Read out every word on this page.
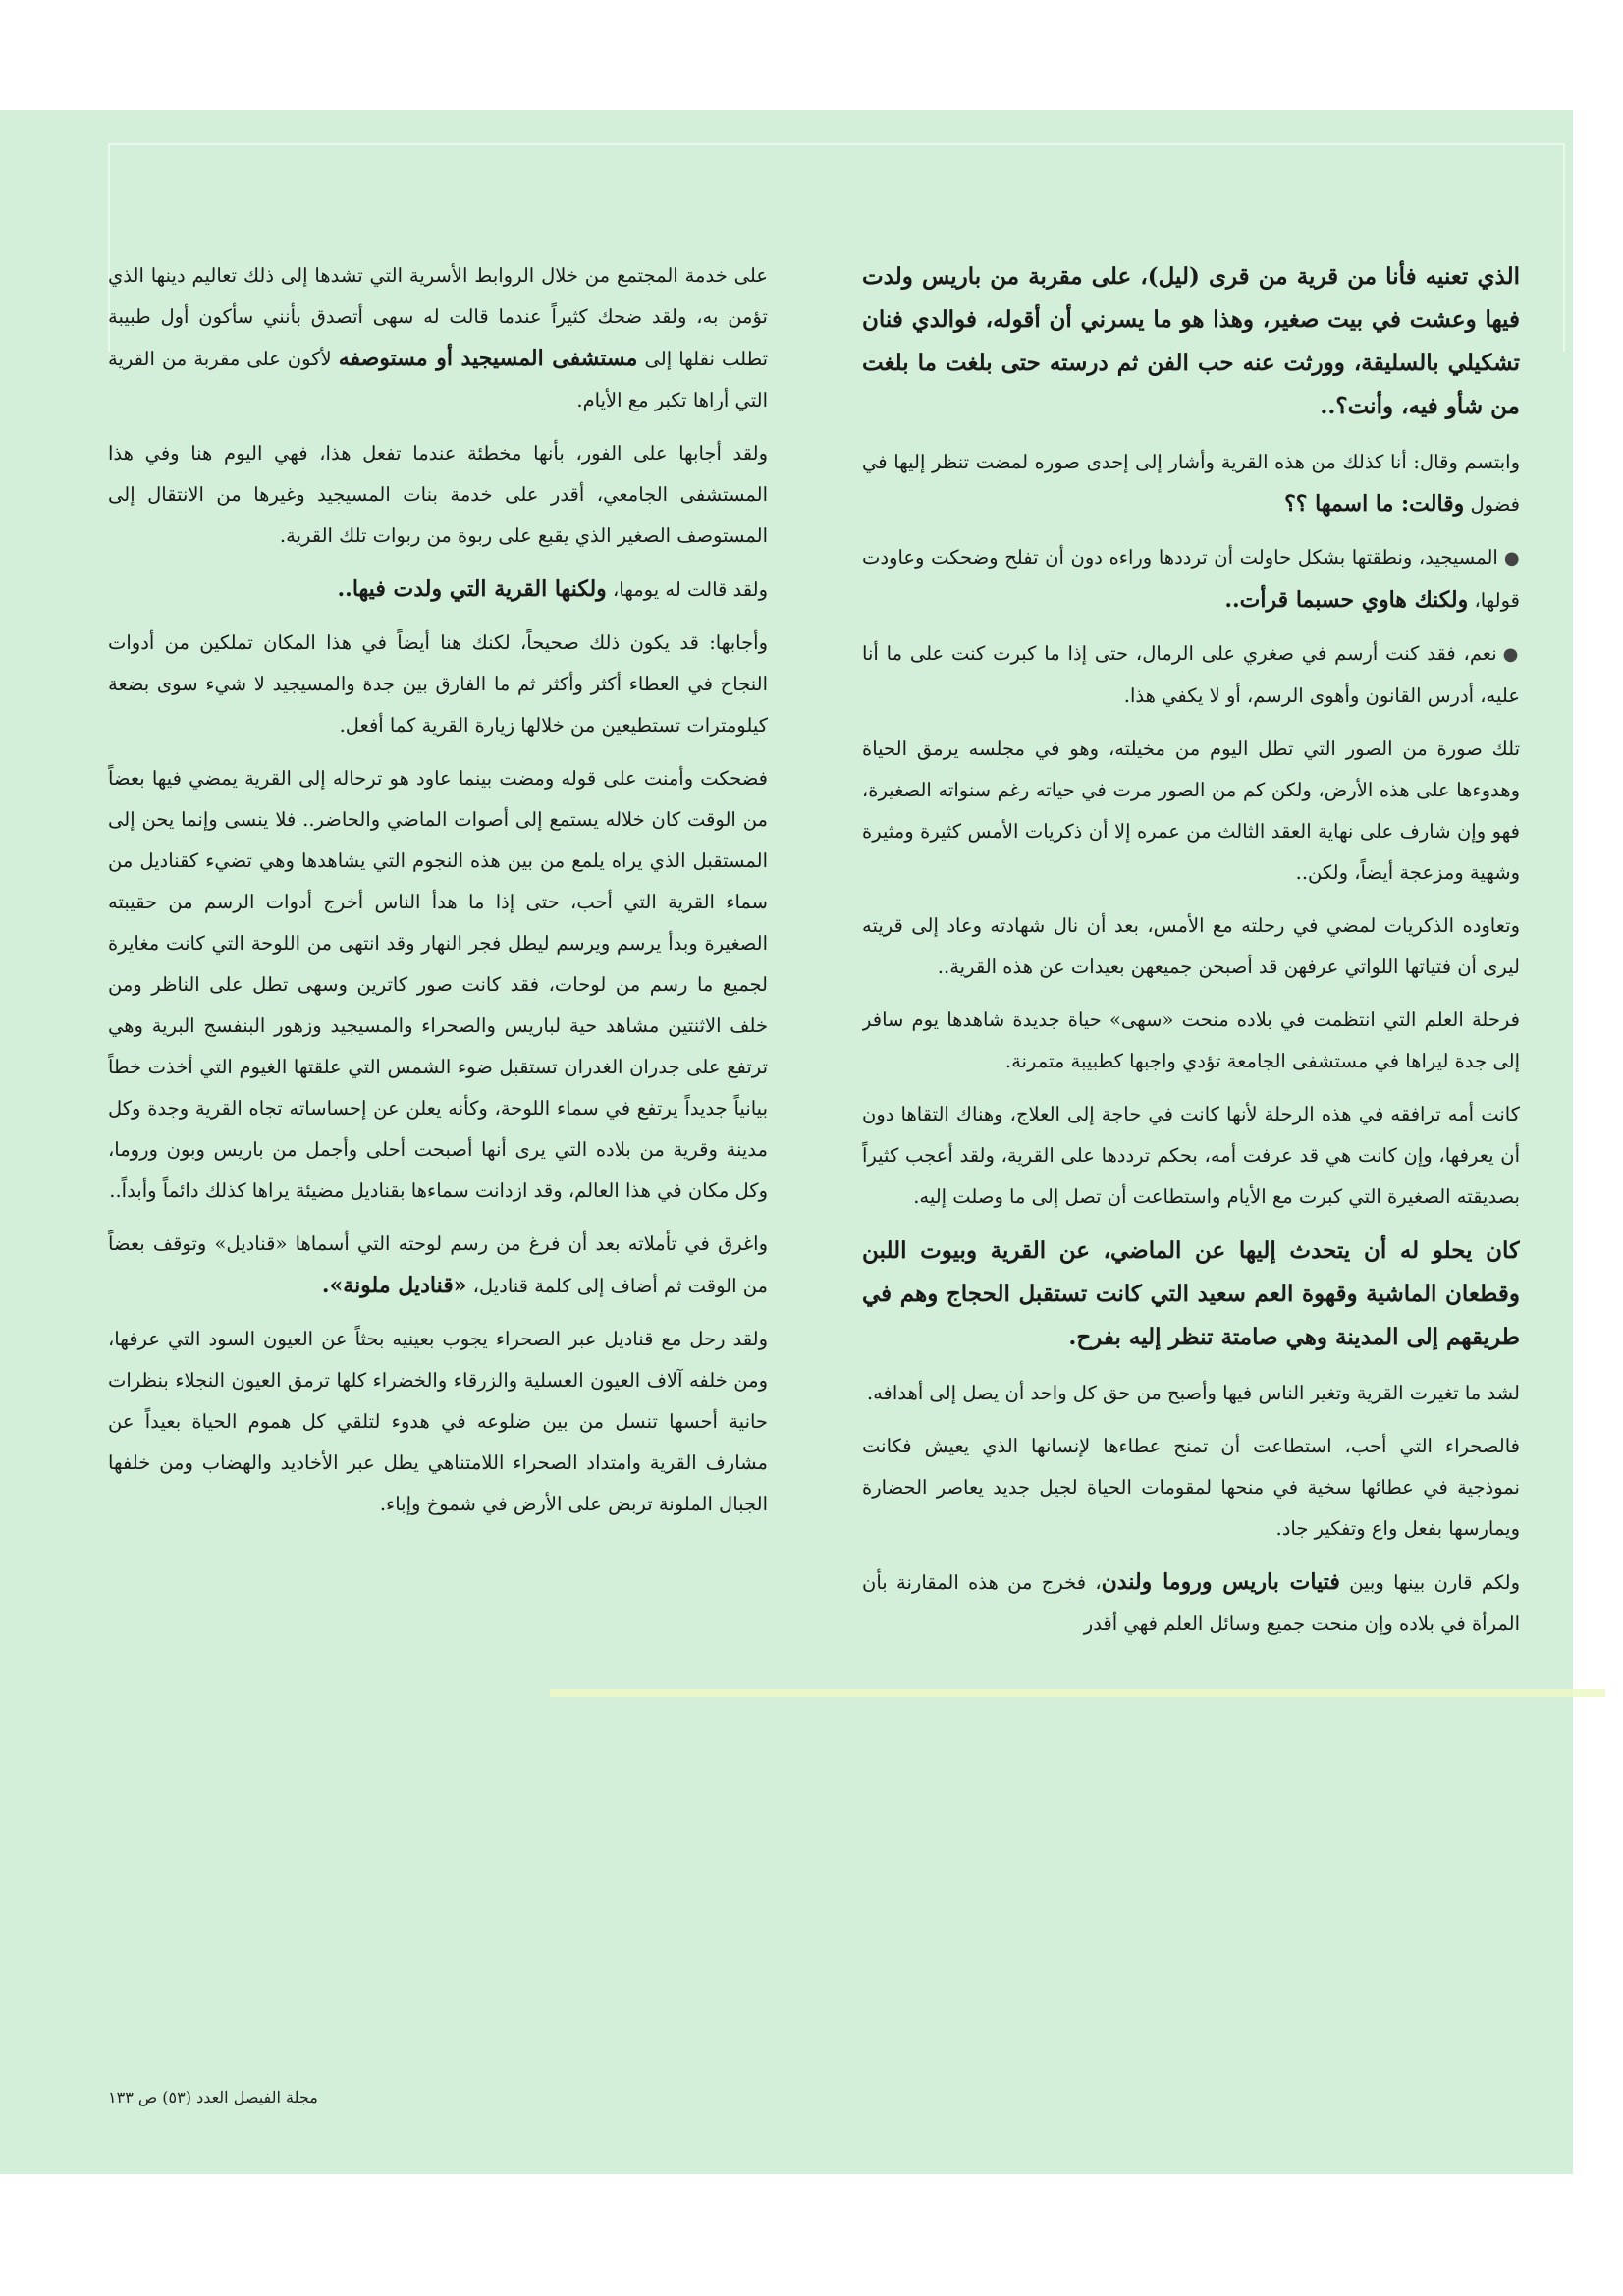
الذي تعنيه فأنا من قرية من قرى (ليل)، على مقربة من باريس ولدت فيها وعشت في بيت صغير، وهذا هو ما يسرني أن أقوله، فوالدي فنان تشكيلي بالسليقة، وورثت عنه حب الفن ثم درسته حتى بلغت ما بلغت من شأو فيه، وأنت؟..

وابتسم وقال: أنا كذلك من هذه القرية وأشار إلى إحدى صوره لمضت تنظر إليها في فضول وقالت: ما اسمها ؟؟

● المسيجيد، ونطقتها بشكل حاولت أن ترددها وراءه دون أن تفلح وضحكت وعاودت قولها، ولكنك هاوي حسبما قرأت..

● نعم، فقد كنت أرسم في صغري على الرمال، حتى إذا ما كبرت كنت على ما أنا عليه، أدرس القانون وأهوى الرسم، أو لا يكفي هذا.

تلك صورة من الصور التي تطل اليوم من مخيلته، وهو في مجلسه يرمق الحياة وهدوءها على هذه الأرض، ولكن كم من الصور مرت في حياته رغم سنواته الصغيرة، فهو وإن شارف على نهاية العقد الثالث من عمره إلا أن ذكريات الأمس كثيرة ومثيرة وشهية ومزعجة أيضاً، ولكن..

وتعاوده الذكريات لمضي في رحلته مع الأمس، بعد أن نال شهادته وعاد إلى قريته ليرى أن فتياتها اللواتي عرفهن قد أصبحن جميعهن بعيدات عن هذه القرية..

فرحلة العلم التي انتظمت في بلاده منحت «سهى» حياة جديدة شاهدها يوم سافر إلى جدة ليراها في مستشفى الجامعة تؤدي واجبها كطبيبة متمرنة.

كانت أمه ترافقه في هذه الرحلة لأنها كانت في حاجة إلى العلاج، وهناك التقاها دون أن يعرفها، وإن كانت هي قد عرفت أمه، بحكم ترددها على القرية، ولقد أعجب كثيراً بصديقته الصغيرة التي كبرت مع الأيام واستطاعت أن تصل إلى ما وصلت إليه.

كان يحلو له أن يتحدث إليها عن الماضي، عن القرية وبيوت اللبن وقطعان الماشية وقهوة العم سعيد التي كانت تستقبل الحجاج وهم في طريقهم إلى المدينة وهي صامتة تنظر إليه بفرح.

لشد ما تغيرت القرية وتغير الناس فيها وأصبح من حق كل واحد أن يصل إلى أهدافه.

فالصحراء التي أحب، استطاعت أن تمنح عطاءها لإنسانها الذي يعيش فكانت نموذجية في عطائها سخية في منحها لمقومات الحياة لجيل جديد يعاصر الحضارة ويمارسها بفعل واع وتفكير جاد.

ولكم قارن بينها وبين فتيات باريس وروما ولندن، فخرج من هذه المقارنة بأن المرأة في بلاده وإن منحت جميع وسائل العلم فهي أقدر

على خدمة المجتمع من خلال الروابط الأسرية التي تشدها إلى ذلك تعاليم دينها الذي تؤمن به، ولقد ضحك كثيراً عندما قالت له سهى أتصدق بأنني سأكون أول طبيبة تطلب نقلها إلى مستشفى المسيجيد أو مستوصفه لأكون على مقربة من القرية التي أراها تكبر مع الأيام.

ولقد أجابها على الفور، بأنها مخطئة عندما تفعل هذا، فهي اليوم هنا وفي هذا المستشفى الجامعي، أقدر على خدمة بنات المسيجيد وغيرها من الانتقال إلى المستوصف الصغير الذي يقبع على ربوة من ربوات تلك القرية.

ولقد قالت له يومها، ولكنها القرية التي ولدت فيها..

وأجابها: قد يكون ذلك صحيحاً، لكنك هنا أيضاً في هذا المكان تملكين من أدوات النجاح في العطاء أكثر وأكثر ثم ما الفارق بين جدة والمسيجيد لا شيء سوى بضعة كيلومترات تستطيعين من خلالها زيارة القرية كما أفعل.

فضحكت وأمنت على قوله ومضت بينما عاود هو ترحاله إلى القرية يمضي فيها بعضاً من الوقت كان خلاله يستمع إلى أصوات الماضي والحاضر.. فلا ينسى وإنما يحن إلى المستقبل الذي يراه يلمع من بين هذه النجوم التي يشاهدها وهي تضيء كقناديل من سماء القرية التي أحب، حتى إذا ما هدأ الناس أخرج أدوات الرسم من حقيبته الصغيرة وبدأ يرسم ويرسم ليطل فجر النهار وقد انتهى من اللوحة التي كانت مغايرة لجميع ما رسم من لوحات، فقد كانت صور كاترين وسهى تطل على الناظر ومن خلف الاثنتين مشاهد حية لباريس والصحراء والمسيجيد وزهور البنفسج البرية وهي ترتفع على جدران الغدران تستقبل ضوء الشمس التي علقتها الغيوم التي أخذت خطاً بيانياً جديداً يرتفع في سماء اللوحة، وكأنه يعلن عن إحساساته تجاه القرية وجدة وكل مدينة وقرية من بلاده التي يرى أنها أصبحت أحلى وأجمل من باريس وبون وروما، وكل مكان في هذا العالم، وقد ازدانت سماءها بقناديل مضيئة يراها كذلك دائماً وأبداً..

واغرق في تأملاته بعد أن فرغ من رسم لوحته التي أسماها «قناديل» وتوقف بعضاً من الوقت ثم أضاف إلى كلمة قناديل، «قناديل ملونة».

ولقد رحل مع قناديل عبر الصحراء يجوب بعينيه بحثاً عن العيون السود التي عرفها، ومن خلفه آلاف العيون العسلية والزرقاء والخضراء كلها ترمق العيون النجلاء بنظرات حانية أحسها تنسل من بين ضلوعه في هدوء لتلقي كل هموم الحياة بعيداً عن مشارف القرية وامتداد الصحراء اللامتناهي يطل عبر الأخاديد والهضاب ومن خلفها الجبال الملونة تربض على الأرض في شموخ وإباء.

مجلة الفيصل العدد (٥٣) ص ١٣٣
